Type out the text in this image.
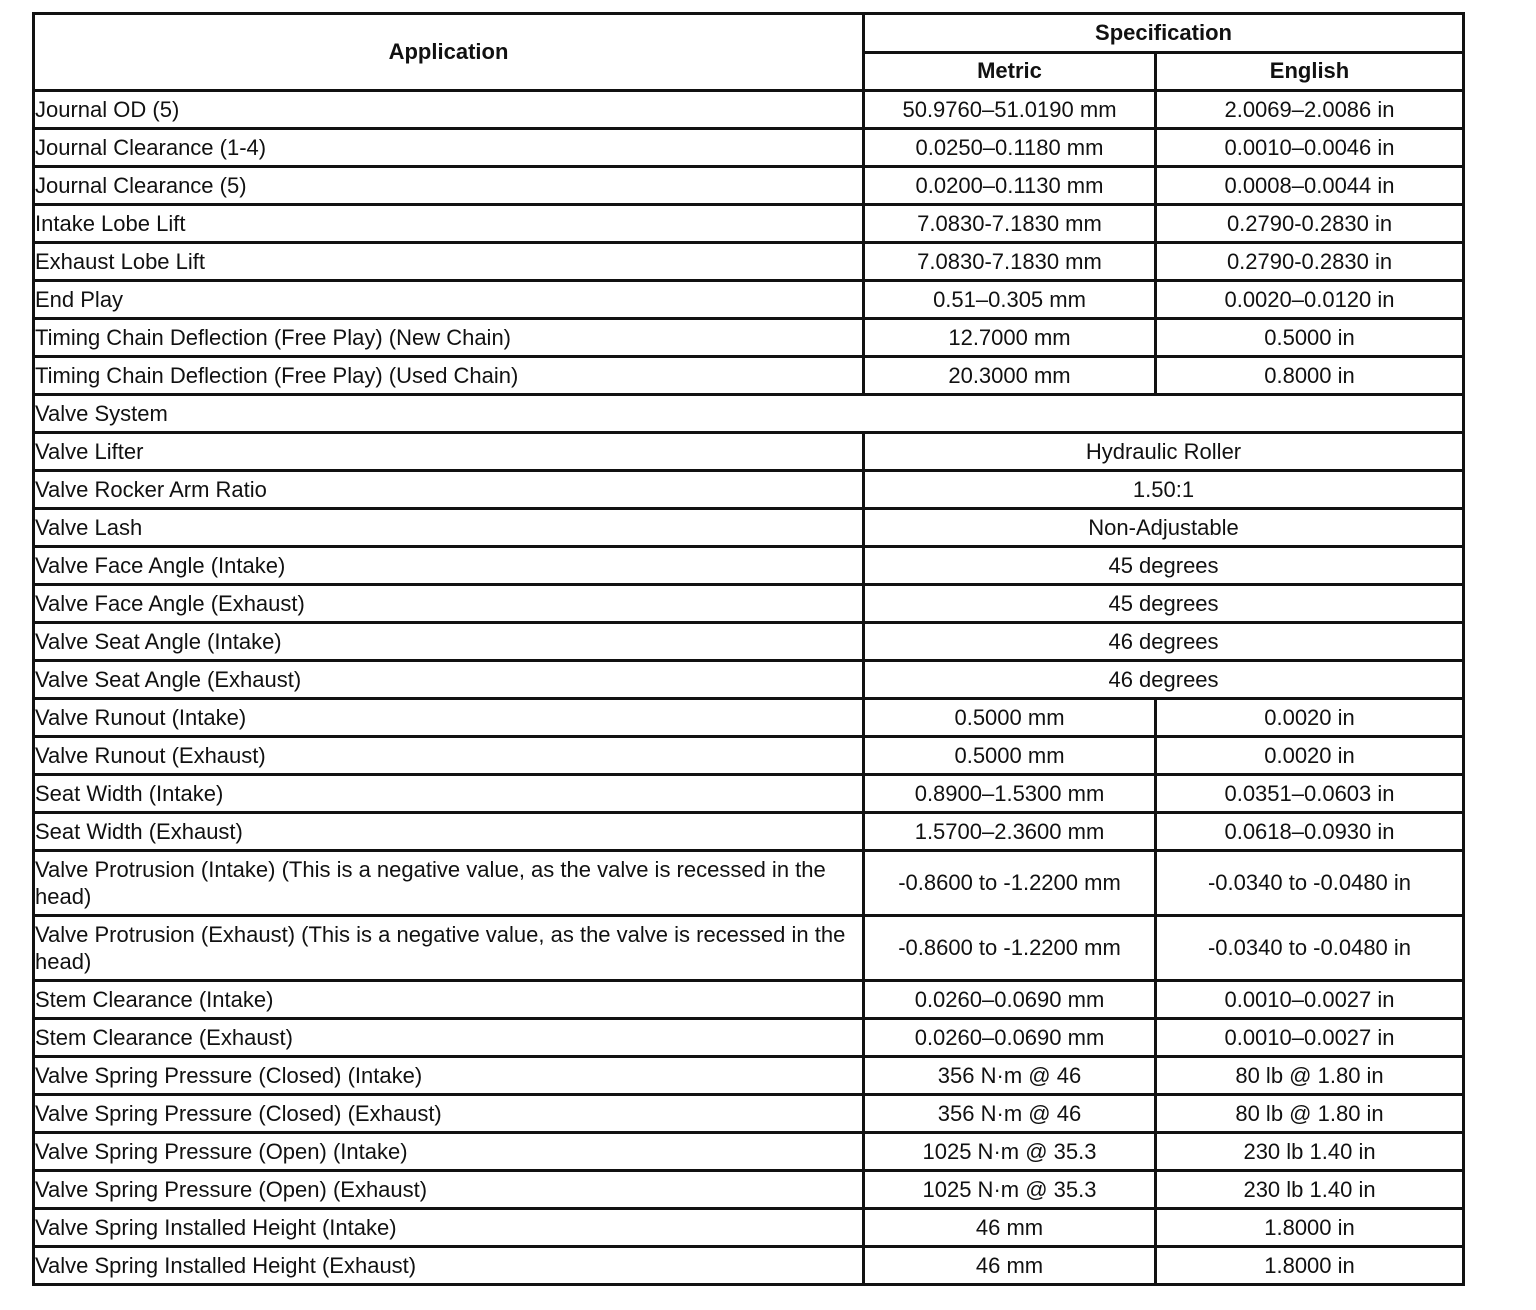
Application	Specification	
	Metric	English
Journal OD (5)	50.9760–51.0190 mm	2.0069–2.0086 in
Journal Clearance (1-4)	0.0250–0.1180 mm	0.0010–0.0046 in
Journal Clearance (5)	0.0200–0.1130 mm	0.0008–0.0044 in
Intake Lobe Lift	7.0830-7.1830 mm	0.2790-0.2830 in
Exhaust Lobe Lift	7.0830-7.1830 mm	0.2790-0.2830 in
End Play	0.51–0.305 mm	0.0020–0.0120 in
Timing Chain Deflection (Free Play) (New Chain)	12.7000 mm	0.5000 in
Timing Chain Deflection (Free Play) (Used Chain)	20.3000 mm	0.8000 in
Valve System		
Valve Lifter	Hydraulic Roller	
Valve Rocker Arm Ratio	1.50:1	
Valve Lash	Non-Adjustable	
Valve Face Angle (Intake)	45 degrees	
Valve Face Angle (Exhaust)	45 degrees	
Valve Seat Angle (Intake)	46 degrees	
Valve Seat Angle (Exhaust)	46 degrees	
Valve Runout (Intake)	0.5000 mm	0.0020 in
Valve Runout (Exhaust)	0.5000 mm	0.0020 in
Seat Width (Intake)	0.8900–1.5300 mm	0.0351–0.0603 in
Seat Width (Exhaust)	1.5700–2.3600 mm	0.0618–0.0930 in
Valve Protrusion (Intake) (This is a negative value, as the valve is recessed in the head)	-0.8600 to -1.2200 mm	-0.0340 to -0.0480 in
Valve Protrusion (Exhaust) (This is a negative value, as the valve is recessed in the head)	-0.8600 to -1.2200 mm	-0.0340 to -0.0480 in
Stem Clearance (Intake)	0.0260–0.0690 mm	0.0010–0.0027 in
Stem Clearance (Exhaust)	0.0260–0.0690 mm	0.0010–0.0027 in
Valve Spring Pressure (Closed) (Intake)	356 N·m @ 46	80 lb @ 1.80 in
Valve Spring Pressure (Closed) (Exhaust)	356 N·m @ 46	80 lb @ 1.80 in
Valve Spring Pressure (Open) (Intake)	1025 N·m @ 35.3	230 lb 1.40 in
Valve Spring Pressure (Open) (Exhaust)	1025 N·m @ 35.3	230 lb 1.40 in
Valve Spring Installed Height (Intake)	46 mm	1.8000 in
Valve Spring Installed Height (Exhaust)	46 mm	1.8000 in
